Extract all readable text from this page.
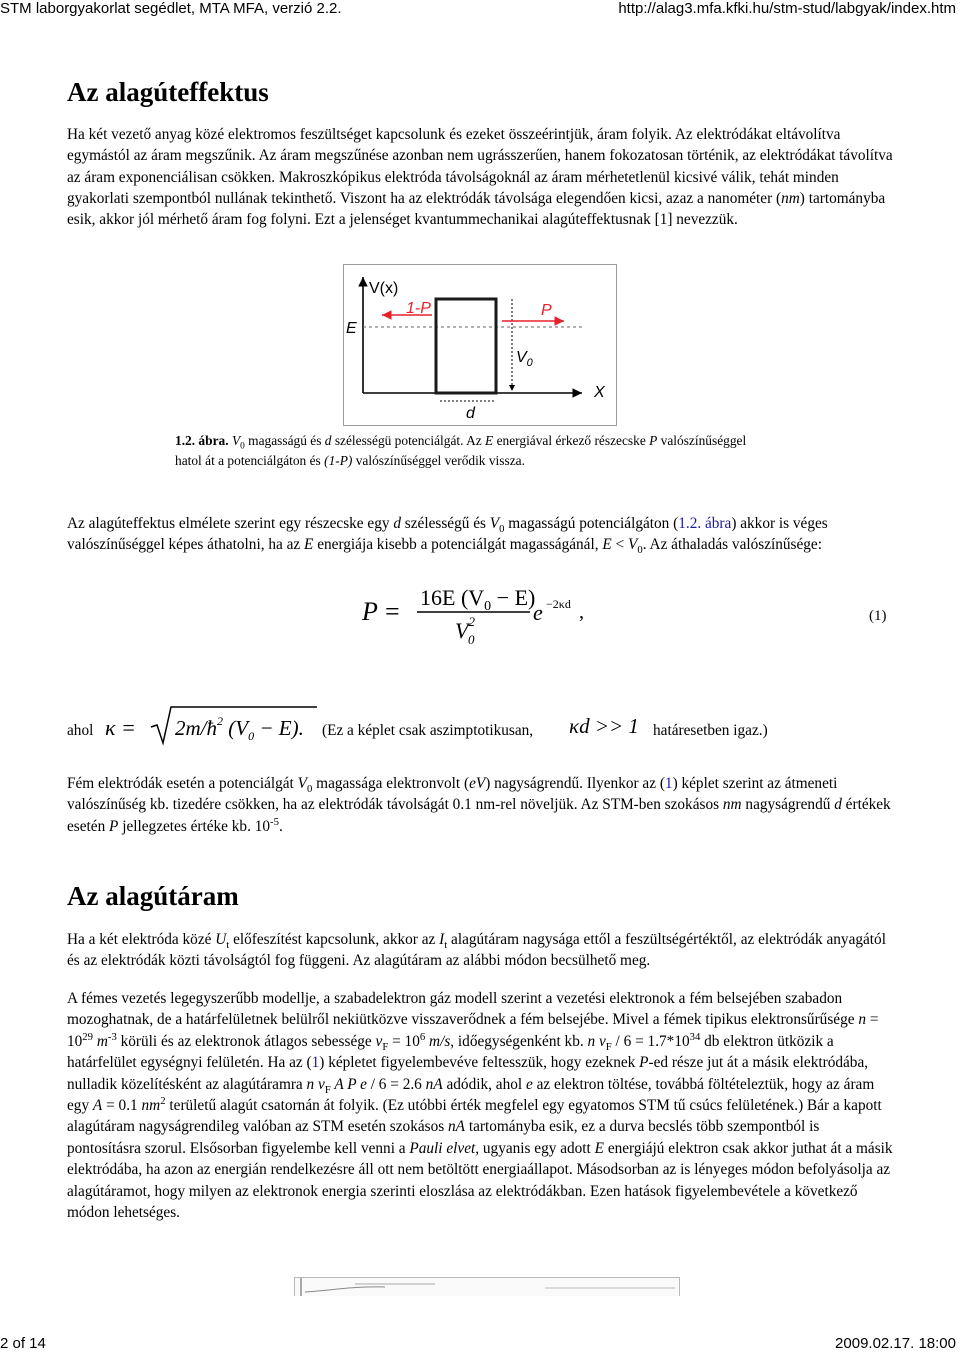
STM laborgyakorlat segédlet, MTA MFA, verzió 2.2.	http://alag3.mfa.kfki.hu/stm-stud/labgyak/index.htm
Az alagúteffektus

Ha két vezető anyag közé elektromos feszültséget kapcsolunk és ezeket összeérintjük, áram folyik. Az elektródákat eltávolítva egymástól az áram megszűnik. Az áram megszűnése azonban nem ugrásszerűen, hanem fokozatosan történik, az elektródákat távolítva az áram exponenciálisan csökken. Makroszkópikus elektróda távolságoknál az áram mérhetetlenül kicsivé válik, tehát minden gyakorlati szempontból nullának tekinthető. Viszont ha az elektródák távolsága elegendően kicsi, azaz a nanométer (nm) tartományba esik, akkor jól mérhető áram fog folyni. Ezt a jelenséget kvantummechanikai alagúteffektusnak [1] nevezzük.

V(x)
E
$V_0$
1-P	P
X
d
1.2. ábra. $V_0$ magasságú és d szélességü potenciálgát. Az E energiával érkező részecske P valószínűséggel hatol át a potenciálgáton és (1-P) valószínűséggel verődik vissza.

Az alagúteffektus elmélete szerint egy részecske egy d szélességű és $V_0$ magasságú potenciálgáton (1.2. ábra) akkor is véges valószínűséggel képes áthatolni, ha az E energiája kisebb a potenciálgát magasságánál, $E < V_0$. Az áthaladás valószínűsége:

P = 16E $(V_0 - E)$
$V^2$ 0
e −2κd ,	(1)
ahol $\kappa = 2m/ħ^2$ $(V_0 - E)$. (Ez a képlet csak aszimptotikusan, κd >> 1 határesetben igaz.)

Fém elektródák esetén a potenciálgát $V_0$ magassága elektronvolt (eV) nagyságrendű. Ilyenkor az (1) képlet szerint az átmeneti valószínűség kb. tizedére csökken, ha az elektródák távolságát 0.1 nm-rel növeljük. Az STM-ben szokásos nm nagyságrendű d értékek esetén P jellegzetes értéke kb. $10^{-5}$.

Az alagútáram

Ha a két elektróda közé $U_t$ előfeszítést kapcsolunk, akkor az $I_t$ alagútáram nagysága ettől a feszültségértéktől, az elektródák anyagától és az elektródák közti távolságtól fog függeni. Az alagútáram az alábbi módon becsülhető meg.

A fémes vezetés legegyszerűbb modellje, a szabadelektron gáz modell szerint a vezetési elektronok a fém belsejében szabadon mozoghatnak, de a határfelületnek belülről nekiütközve visszaverődnek a fém belsejébe. Mivel a fémek tipikus elektronsűrűsége $n = 10^{29}$ $m^{-3}$ körüli és az elektronok átlagos sebessége $v_F = 10^6$ m/s, időegységenként kb. n $v_F / 6 = 1.7*10^{34}$ db elektron ütközik a határfelület egységnyi felületén. Ha az (1) képletet figyelembevéve feltesszük, hogy ezeknek P-ed része jut át a másik elektródába, nulladik közelítésként az alagútáramra n $v_F$ A P e / 6 = 2.6 nA adódik, ahol e az elektron töltése, továbbá föltételeztük, hogy az áram egy A = 0.1 $nm^2$ területű alagút csatornán át folyik. (Ez utóbbi érték megfelel egy egyatomos STM tű csúcs felületének.) Bár a kapott alagútáram nagyságrendileg valóban az STM esetén szokásos nA tartományba esik, ez a durva becslés több szempontból is pontosításra szorul. Elsősorban figyelembe kell venni a Pauli elvet, ugyanis egy adott E energiájú elektron csak akkor juthat át a másik elektródába, ha azon az energián rendelkezésre áll ott nem betöltött energiaállapot. Másodsorban az is lényeges módon befolyásolja az alagútáramot, hogy milyen az elektronok energia szerinti eloszlása az elektródákban. Ezen hatások figyelembevétele a következő módon lehetséges.

2 of 14	2009.02.17. 18:00
